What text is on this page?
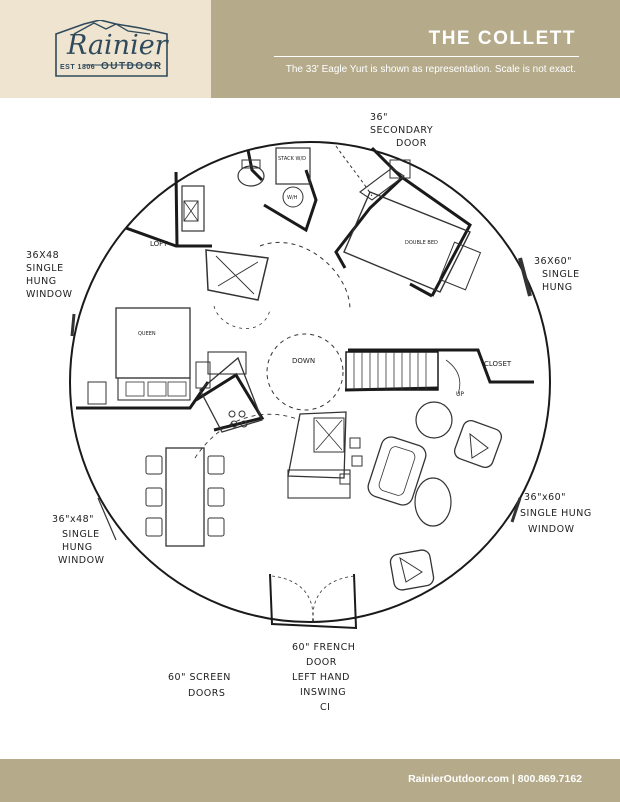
Rainier
EST 1806 OUTDOOR
THE COLLETT
The 33' Eagle Yurt is shown as representation. Scale is not exact.
STACK W/D
W/H
DOUBLE BED
QUEEN
36"
SECONDARY
DOOR
36X48
SINGLE
HUNG
WINDOW
36X60"
SINGLE
HUNG
36"x60"
SINGLE HUNG
WINDOW
36"x48"
SINGLE
HUNG
WINDOW
60" FRENCH
DOOR
LEFT HAND
INSWING
CI
60" SCREEN
DOORS
LOFT
DOWN	CLOSET
UP
RainierOutdoor.com | 800.869.7162
